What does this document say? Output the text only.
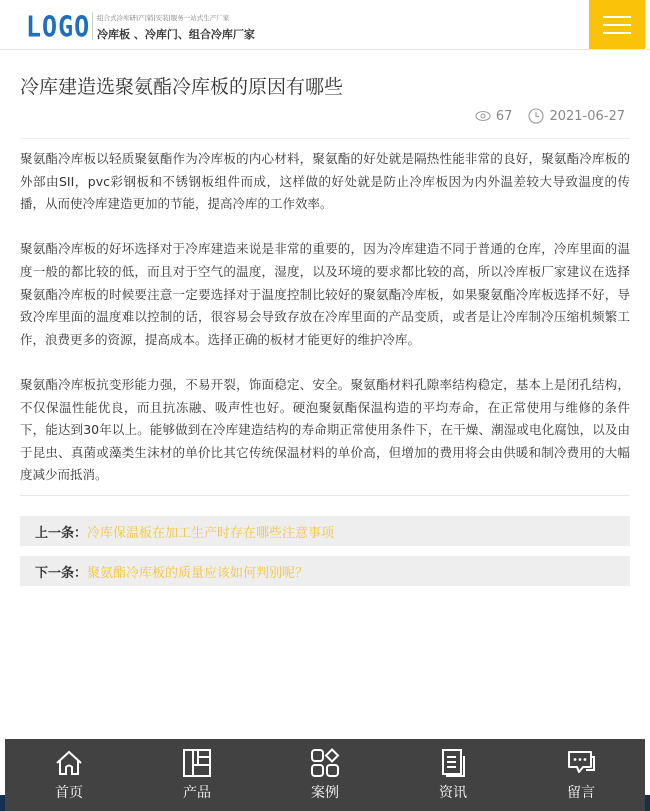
LOGO 组合式冷库研|产|销|安装|服务一站式生产厂家
冷库板 、冷库门、组合冷库厂家
冷库建造选聚氨酯冷库板的原因有哪些
67	2021-06-27

聚氨酯冷库板以轻质聚氨酯作为冷库板的内心材料，聚氨酯的好处就是隔热性能非常的良好，聚氨酯冷库板的外部由SII，pvc彩钢板和不锈钢板组件而成，这样做的好处就是防止冷库板因为内外温差较大导致温度的传播，从而使冷库建造更加的节能，提高冷库的工作效率。

聚氨酯冷库板的好坏选择对于冷库建造来说是非常的重要的，因为冷库建造不同于普通的仓库，冷库里面的温度一般的都比较的低，而且对于空气的温度，湿度，以及环境的要求都比较的高，所以冷库板厂家建议在选择聚氨酯冷库板的时候要注意一定要选择对于温度控制比较好的聚氨酯冷库板，如果聚氨酯冷库板选择不好，导致冷库里面的温度难以控制的话，很容易会导致存放在冷库里面的产品变质，或者是让冷库制冷压缩机频繁工作，浪费更多的资源，提高成本。选择正确的板材才能更好的维护冷库。

聚氨酯冷库板抗变形能力强，不易开裂，饰面稳定、安全。聚氨酯材料孔隙率结构稳定，基本上是闭孔结构，不仅保温性能优良，而且抗冻融、吸声性也好。硬泡聚氨酯保温构造的平均寿命，在正常使用与维修的条件下，能达到30年以上。能够做到在冷库建造结构的寿命期正常使用条件下，在干燥、潮湿或电化腐蚀，以及由于昆虫、真菌或藻类生沫材的单价比其它传统保温材料的单价高，但增加的费用将会由供暖和制冷费用的大幅度减少而抵消。

上一条： 冷库保温板在加工生产时存在哪些注意事项
下一条： 聚氨酯冷库板的质量应该如何判别呢？
首页	产品	案例	资讯	留言
